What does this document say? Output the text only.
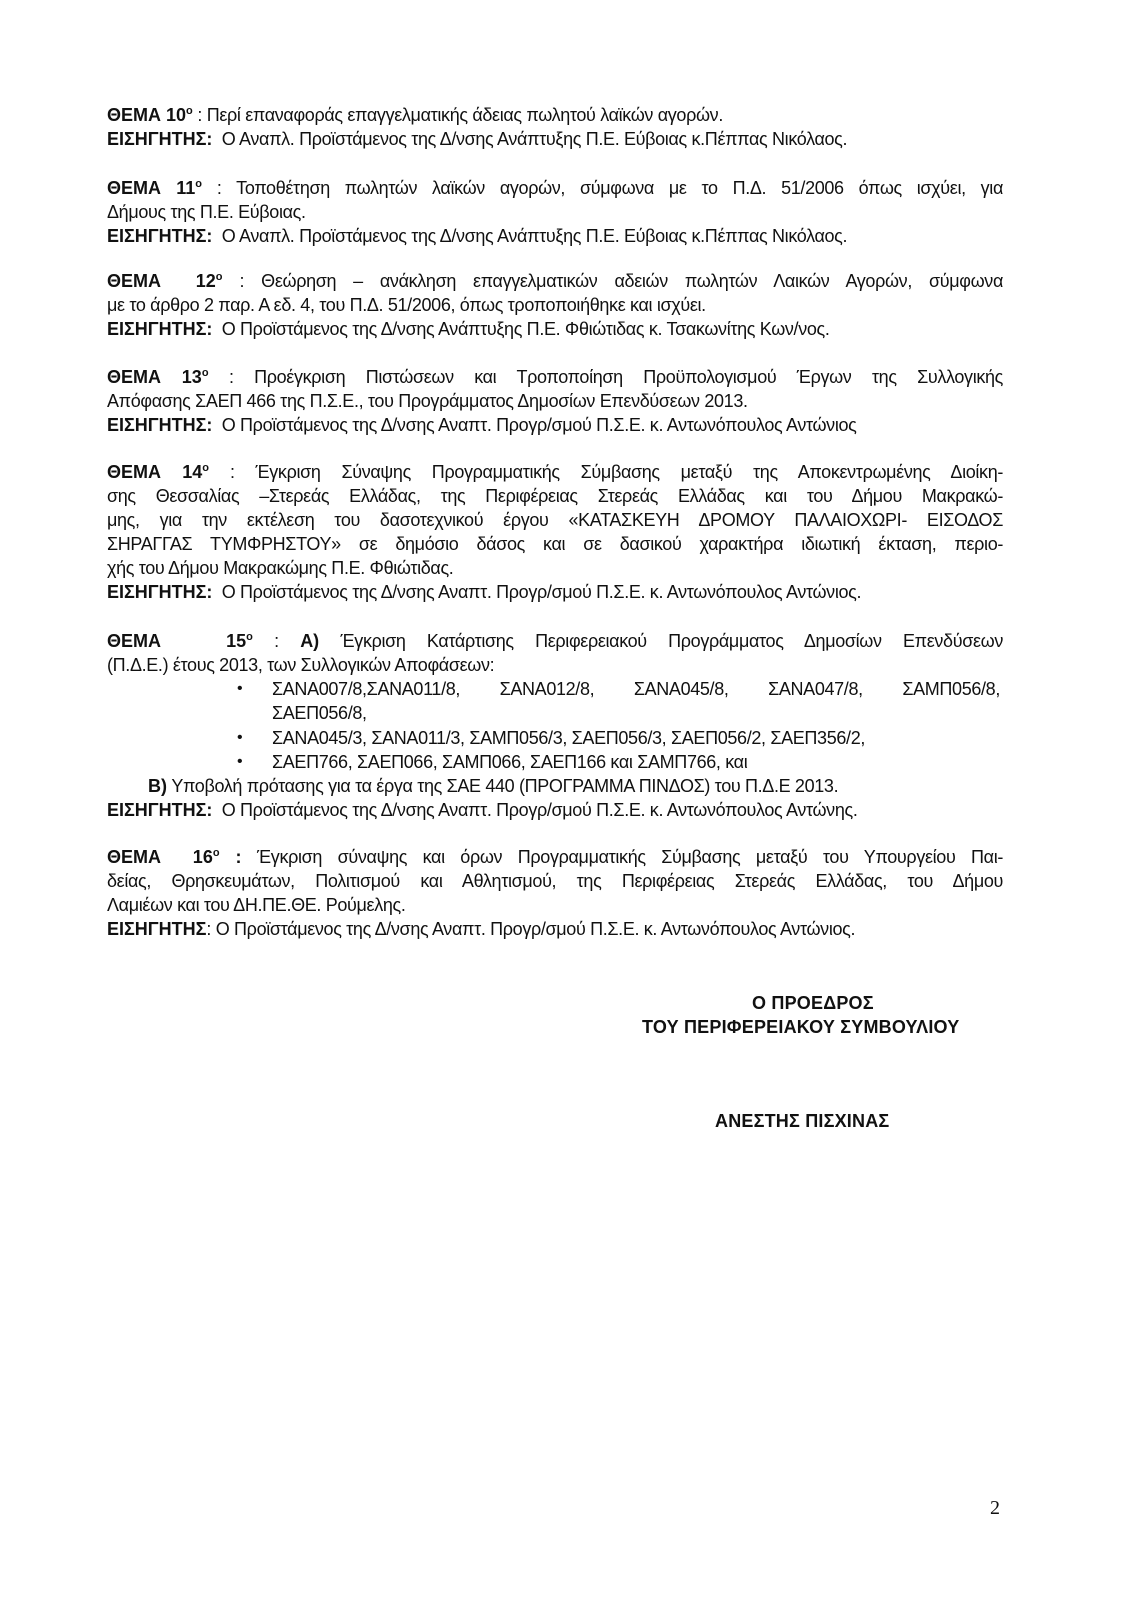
ΘΕΜΑ $10^o$ : Περί επαναφοράς επαγγελματικής άδειας πωλητού λαϊκών αγορών.
ΕΙΣΗΓΗΤΗΣ: Ο Αναπλ. Προϊστάμενος της Δ/νσης Ανάπτυξης Π.Ε. Εύβοιας κ.Πέππας Νικόλαος.
ΘΕΜΑ $11^o$ : Τοποθέτηση πωλητών λαϊκών αγορών, σύμφωνα με το Π.Δ. 51/2006 όπως ισχύει, για
Δήμους της Π.Ε. Εύβοιας.
ΕΙΣΗΓΗΤΗΣ: Ο Αναπλ. Προϊστάμενος της Δ/νσης Ανάπτυξης Π.Ε. Εύβοιας κ.Πέππας Νικόλαος.
ΘΕΜΑ  $12^o$ : Θεώρηση – ανάκληση επαγγελματικών αδειών πωλητών Λαικών Αγορών, σύμφωνα
με το άρθρο 2 παρ. Α εδ. 4, του Π.Δ. 51/2006, όπως τροποποιήθηκε και ισχύει.
ΕΙΣΗΓΗΤΗΣ: Ο Προϊστάμενος της Δ/νσης Ανάπτυξης Π.Ε. Φθιώτιδας κ. Τσακωνίτης Κων/νος.
ΘΕΜΑ $13^o$ : Προέγκριση Πιστώσεων και Τροποποίηση Προϋπολογισμού Έργων της Συλλογικής
Απόφασης ΣΑΕΠ 466 της Π.Σ.Ε., του Προγράμματος Δημοσίων Επενδύσεων 2013.
ΕΙΣΗΓΗΤΗΣ: Ο Προϊστάμενος της Δ/νσης Αναπτ. Προγρ/σμού Π.Σ.Ε. κ. Αντωνόπουλος Αντώνιος
ΘΕΜΑ $14^o$ : Έγκριση Σύναψης Προγραμματικής Σύμβασης μεταξύ της Αποκεντρωμένης Διοίκη-
σης Θεσσαλίας –Στερεάς Ελλάδας, της Περιφέρειας Στερεάς Ελλάδας και του Δήμου Μακρακώ-
μης, για την εκτέλεση του δασοτεχνικού έργου «ΚΑΤΑΣΚΕΥΗ ΔΡΟΜΟΥ ΠΑΛΑΙΟΧΩΡΙ- ΕΙΣΟΔΟΣ
ΣΗΡΑΓΓΑΣ ΤΥΜΦΡΗΣΤΟΥ» σε δημόσιο δάσος και σε δασικού χαρακτήρα ιδιωτική έκταση, περιο-
χής του Δήμου Μακρακώμης Π.Ε. Φθιώτιδας.
ΕΙΣΗΓΗΤΗΣ: Ο Προϊστάμενος της Δ/νσης Αναπτ. Προγρ/σμού Π.Σ.Ε. κ. Αντωνόπουλος Αντώνιος.
ΘΕΜΑ   $15^o$ : Α) Έγκριση Κατάρτισης Περιφερειακού Προγράμματος Δημοσίων Επενδύσεων
(Π.Δ.Ε.) έτους 2013, των Συλλογικών Αποφάσεων:
• ΣΑΝΑ007/8,ΣΑΝΑ011/8, ΣΑΝΑ012/8, ΣΑΝΑ045/8, ΣΑΝΑ047/8, ΣΑΜΠ056/8,
ΣΑΕΠ056/8,
• ΣΑΝΑ045/3, ΣΑΝΑ011/3, ΣΑΜΠ056/3, ΣΑΕΠ056/3, ΣΑΕΠ056/2, ΣΑΕΠ356/2,
• ΣΑΕΠ766, ΣΑΕΠ066, ΣΑΜΠ066, ΣΑΕΠ166 και ΣΑΜΠ766, και
Β) Υποβολή πρότασης για τα έργα της ΣΑΕ 440 (ΠΡΟΓΡΑΜΜΑ ΠΙΝΔΟΣ) του Π.Δ.Ε 2013.
ΕΙΣΗΓΗΤΗΣ: Ο Προϊστάμενος της Δ/νσης Αναπτ. Προγρ/σμού Π.Σ.Ε. κ. Αντωνόπουλος Αντώνης.
ΘΕΜΑ  $16^o$ : Έγκριση σύναψης και όρων Προγραμματικής Σύμβασης μεταξύ του Υπουργείου Παι-
δείας, Θρησκευμάτων, Πολιτισμού και Αθλητισμού, της Περιφέρειας Στερεάς Ελλάδας, του Δήμου
Λαμιέων και του ΔΗ.ΠΕ.ΘΕ. Ρούμελης.
ΕΙΣΗΓΗΤΗΣ: Ο Προϊστάμενος της Δ/νσης Αναπτ. Προγρ/σμού Π.Σ.Ε. κ. Αντωνόπουλος Αντώνιος.
Ο ΠΡΟΕΔΡΟΣ
ΤΟΥ ΠΕΡΙΦΕΡΕΙΑΚΟΥ ΣΥΜΒΟΥΛΙΟΥ
ΑΝΕΣΤΗΣ ΠΙΣΧΙΝΑΣ
2
